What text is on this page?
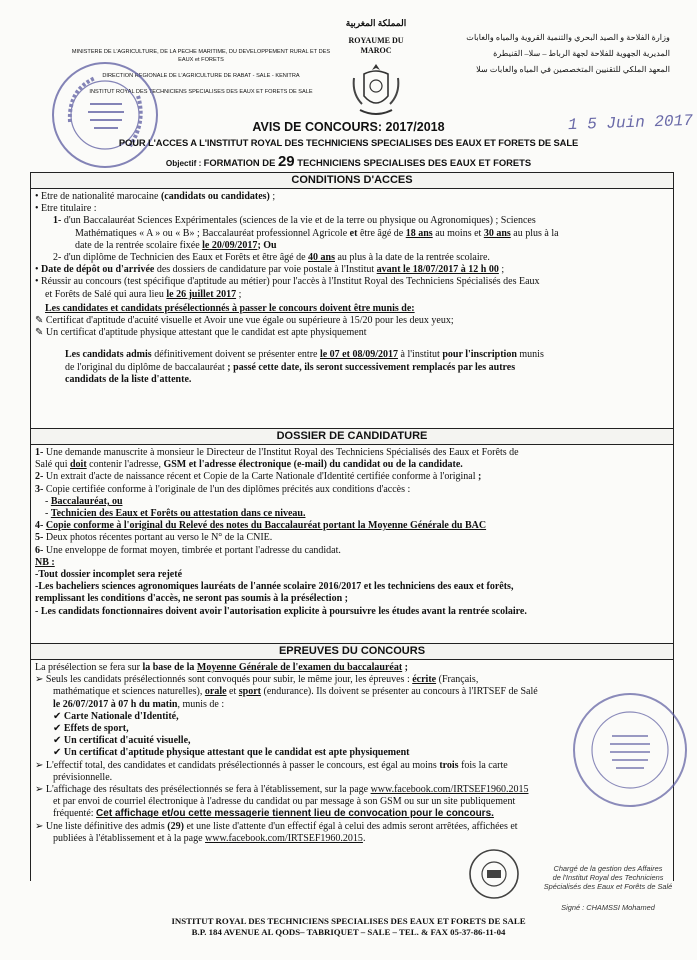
MINISTERE DE L'AGRICULTURE, DE LA PECHE MARITIME, DU DEVELOPPEMENT RURAL ET DES
EAUX et FORETS
DIRECTION REGIONALE DE L'AGRICULTURE DE RABAT - SALE - KENITRA
INSTITUT ROYAL DES TECHNICIENS SPECIALISES DES EAUX ET FORETS DE SALE
المملكة المغربية
ROYAUME DU
MAROC
وزارة الفلاحة و الصيد البحري والتنمية القروية والمياه والغابات
المديرية الجهوية للفلاحة لجهة الرباط – سلا– القنيطرة
المعهد الملكي للتقنيين المتخصصين في المياه والغابات سلا
1 5 Juin 2017
AVIS DE CONCOURS: 2017/2018
POUR L'ACCES A L'INSTITUT ROYAL DES TECHNICIENS SPECIALISES DES EAUX ET FORETS DE SALE
Objectif : FORMATION DE 29 TECHNICIENS SPECIALISES DES EAUX ET FORETS
CONDITIONS D'ACCES

• Etre de nationalité marocaine (candidats ou candidates) ;

• Etre titulaire :

1- d'un Baccalauréat Sciences Expérimentales (sciences de la vie et de la terre ou physique ou Agronomiques) ; Sciences

Mathématiques « A » ou « B» ; Baccalauréat professionnel Agricole et être âgé de 18 ans au moins et 30 ans au plus à la

date de la rentrée scolaire fixée le 20/09/2017; Ou

2- d'un diplôme de Technicien des Eaux et Forêts et être âgé de 40 ans au plus à la date de la rentrée scolaire.

• Date de dépôt ou d'arrivée des dossiers de candidature par voie postale à l'Institut avant le 18/07/2017 à 12 h 00 ;

• Réussir au concours (test spécifique d'aptitude au métier) pour l'accès à l'Institut Royal des Techniciens Spécialisés des Eaux

et Forêts de Salé qui aura lieu le 26 juillet 2017 ;

Les candidates et candidats présélectionnés à passer le concours doivent être munis de:

✎ Certificat d'aptitude d'acuité visuelle et Avoir une vue égale ou supérieure à 15/20 pour les deux yeux;

✎ Un certificat d'aptitude physique attestant que le candidat est apte physiquement

Les candidats admis définitivement doivent se présenter entre le 07 et 08/09/2017 à l'institut pour l'inscription munis

de l'original du diplôme de baccalauréat ; passé cette date, ils seront successivement remplacés par les autres

candidats de la liste d'attente.

DOSSIER DE CANDIDATURE

1- Une demande manuscrite à monsieur le Directeur de l'Institut Royal des Techniciens Spécialisés des Eaux et Forêts de

Salé qui doit contenir l'adresse, GSM et l'adresse électronique (e-mail) du candidat ou de la candidate.

2- Un extrait d'acte de naissance récent et Copie de la Carte Nationale d'Identité certifiée conforme à l'original ;

3- Copie certifiée conforme à l'originale de l'un des diplômes précités aux conditions d'accès :

- Baccalauréat, ou

- Technicien des Eaux et Forêts ou attestation dans ce niveau.

4- Copie conforme à l'original du Relevé des notes du Baccalauréat portant la Moyenne Générale du BAC

5- Deux photos récentes portant au verso le N° de la CNIE.

6- Une enveloppe de format moyen, timbrée et portant l'adresse du candidat.

NB :

-Tout dossier incomplet sera rejeté

-Les bacheliers sciences agronomiques lauréats de l'année scolaire 2016/2017 et les techniciens des eaux et forêts,

remplissant les conditions d'accès, ne seront pas soumis à la présélection ;

- Les candidats fonctionnaires doivent avoir l'autorisation explicite à poursuivre les études avant la rentrée scolaire.

EPREUVES DU CONCOURS

La présélection se fera sur la base de la Moyenne Générale de l'examen du baccalauréat ;

➢ Seuls les candidats présélectionnés sont convoqués pour subir, le même jour, les épreuves : écrite (Français,

mathématique et sciences naturelles), orale et sport (endurance). Ils doivent se présenter au concours à l'IRTSEF de Salé

le 26/07/2017 à 07 h du matin, munis de :

✔ Carte Nationale d'Identité,

✔ Effets de sport,

✔ Un certificat d'acuité visuelle,

✔ Un certificat d'aptitude physique attestant que le candidat est apte physiquement

➢ L'effectif total, des candidates et candidats présélectionnés à passer le concours, est égal au moins trois fois la carte

prévisionnelle.

➢ L'affichage des résultats des présélectionnés se fera à l'établissement, sur la page www.facebook.com/IRTSEF1960.2015

et par envoi de courriel électronique à l'adresse du candidat ou par message à son GSM ou sur un site publiquement

fréquenté: Cet affichage et/ou cette messagerie tiennent lieu de convocation pour le concours.

➢ Une liste définitive des admis (29) et une liste d'attente d'un effectif égal à celui des admis seront arrêtées, affichées et

publiées à l'établissement et à la page www.facebook.com/IRTSEF1960.2015.

Chargé de la gestion des Affaires
de l'Institut Royal des Techniciens
Spécialisés des Eaux et Forêts de Salé
Signé : CHAMSSI Mohamed
INSTITUT ROYAL DES TECHNICIENS SPECIALISES DES EAUX ET FORETS DE SALE
B.P. 184 AVENUE AL QODS– TABRIQUET – SALE – TEL. & FAX 05-37-86-11-04
